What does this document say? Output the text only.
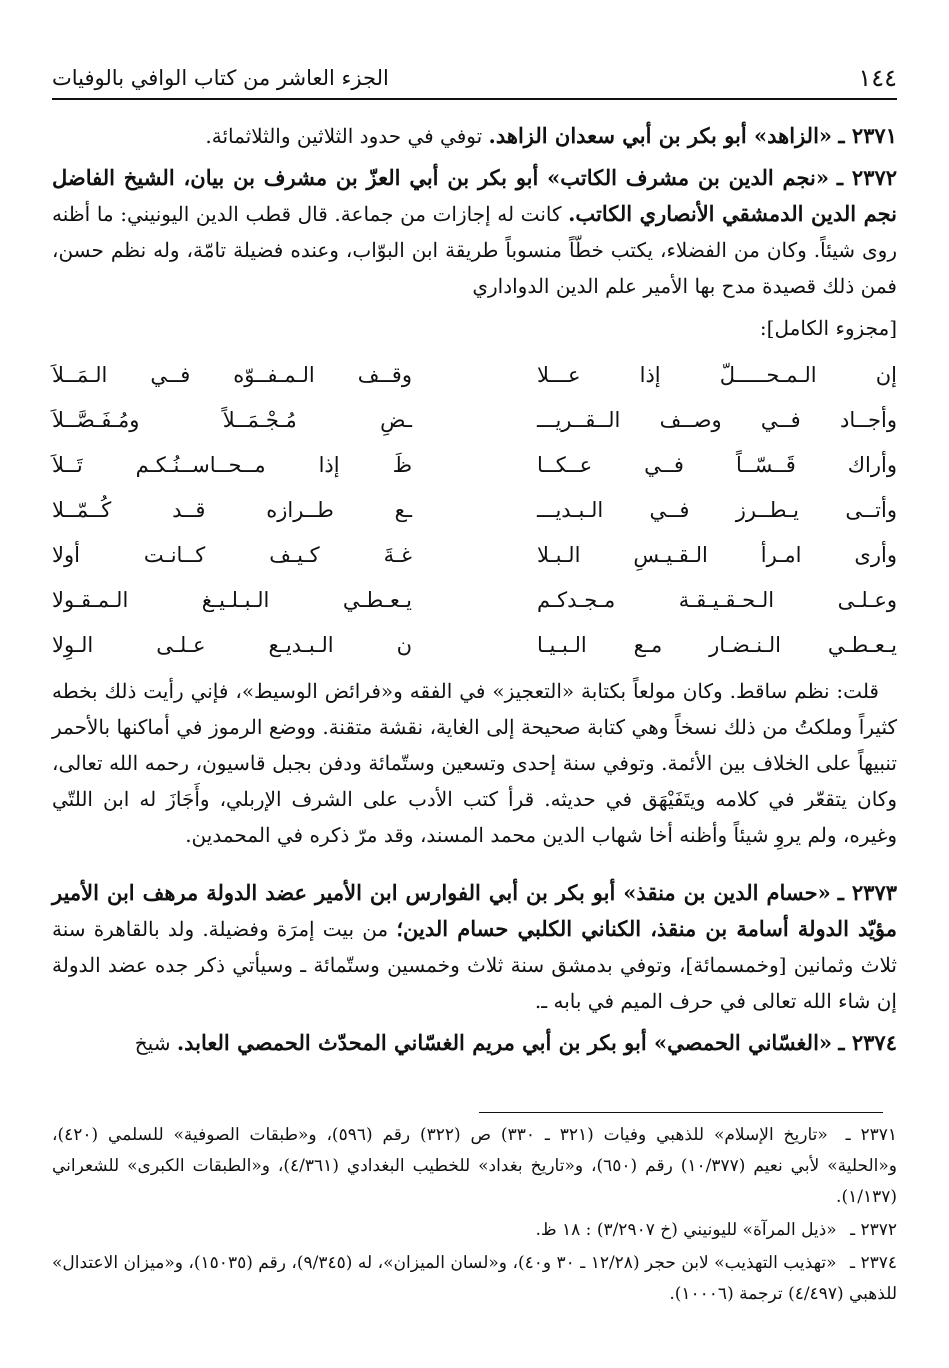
١٤٤
الجزء العاشر من كتاب الوافي بالوفيات

٢٣٧١ ـ «الزاهد» أبو بكر بن أبي سعدان الزاهد. توفي في حدود الثلاثين والثلاثمائة.

٢٣٧٢ ـ «نجم الدين بن مشرف الكاتب» أبو بكر بن أبي العزّ بن مشرف بن بيان، الشيخ الفاضل نجم الدين الدمشقي الأنصاري الكاتب. كانت له إجازات من جماعة. قال قطب الدين اليونيني: ما أظنه روى شيئاً. وكان من الفضلاء، يكتب خطّاً منسوباً طريقة ابن البوّاب، وعنده فضيلة تامّة، وله نظم حسن، فمن ذلك قصيدة مدح بها الأمير علم الدين الدواداري

[مجزوء الكامل]:

إن الـمـحـــــلّ إذا عـــلا
وقــف الـمـفــوّه فــي الـمَــلاَ
وأجــاد فــي وصــف الــقــريـــ
ـضِ مُـجْـمَــلاً ومُـفَـصَّــلاَ
وأراك قَــسّــاً فــي عــكــا
ظَ إذا مــحــاســنُـكـم تَــلاَ
وأتــى يـطــرز فــي الـبـديـــ
ـع طــرازه قــد كُــمّــلا
وأرى امـرأ الـقـيـسِ الـبـلا
غـةَ كـيـف كــانـت أولا
وعـلـى الـحـقـيـقـة مـجـدكـم
يـعـطـي الـبـلـيـغ الـمـقـولا
يـعـطـي الـنـضـار مـع الـبـيـا
ن الـبـديـع عـلـى الـوِلا

قلت: نظم ساقط. وكان مولعاً بكتابة «التعجيز» في الفقه و«فرائض الوسيط»، فإني رأيت ذلك بخطه كثيراً وملكتُ من ذلك نسخاً وهي كتابة صحيحة إلى الغاية، نقشة متقنة. ووضع الرموز في أماكنها بالأحمر تنبيهاً على الخلاف بين الأئمة. وتوفي سنة إحدى وتسعين وستّمائة ودفن بجبل قاسيون، رحمه الله تعالى، وكان يتقعّر في كلامه ويتَفَيْهَق في حديثه. قرأ كتب الأدب على الشرف الإربلي، وأَجَازَ له ابن اللتّي وغيره، ولم يروِ شيئاً وأظنه أخا شهاب الدين محمد المسند، وقد مرّ ذكره في المحمدين.

٢٣٧٣ ـ «حسام الدين بن منقذ» أبو بكر بن أبي الفوارس ابن الأمير عضد الدولة مرهف ابن الأمير مؤيّد الدولة أسامة بن منقذ، الكناني الكلبي حسام الدين؛ من بيت إمرَة وفضيلة. ولد بالقاهرة سنة ثلاث وثمانين [وخمسمائة]، وتوفي بدمشق سنة ثلاث وخمسين وستّمائة ـ وسيأتي ذكر جده عضد الدولة إن شاء الله تعالى في حرف الميم في بابه ـ.

٢٣٧٤ ـ «الغسّاني الحمصي» أبو بكر بن أبي مريم الغسّاني المحدّث الحمصي العابد. شيخ

٢٣٧١ ـ «تاريخ الإسلام» للذهبي وفيات (٣٢١ ـ ٣٣٠) ص (٣٢٢) رقم (٥٩٦)، و«طبقات الصوفية» للسلمي (٤٢٠)، و«الحلية» لأبي نعيم (١٠/٣٧٧) رقم (٦٥٠)، و«تاريخ بغداد» للخطيب البغدادي (٤/٣٦١)، و«الطبقات الكبرى» للشعراني (١/١٣٧).

٢٣٧٢ ـ «ذيل المرآة» لليونيني (خ ٣/٢٩٠٧) : ١٨ ظ.

٢٣٧٤ ـ «تهذيب التهذيب» لابن حجر (١٢/٢٨ ـ ٣٠ و٤٠)، و«لسان الميزان»، له (٩/٣٤٥)، رقم (١٥٠٣٥)، و«ميزان الاعتدال» للذهبي (٤/٤٩٧) ترجمة (١٠٠٠٦).
